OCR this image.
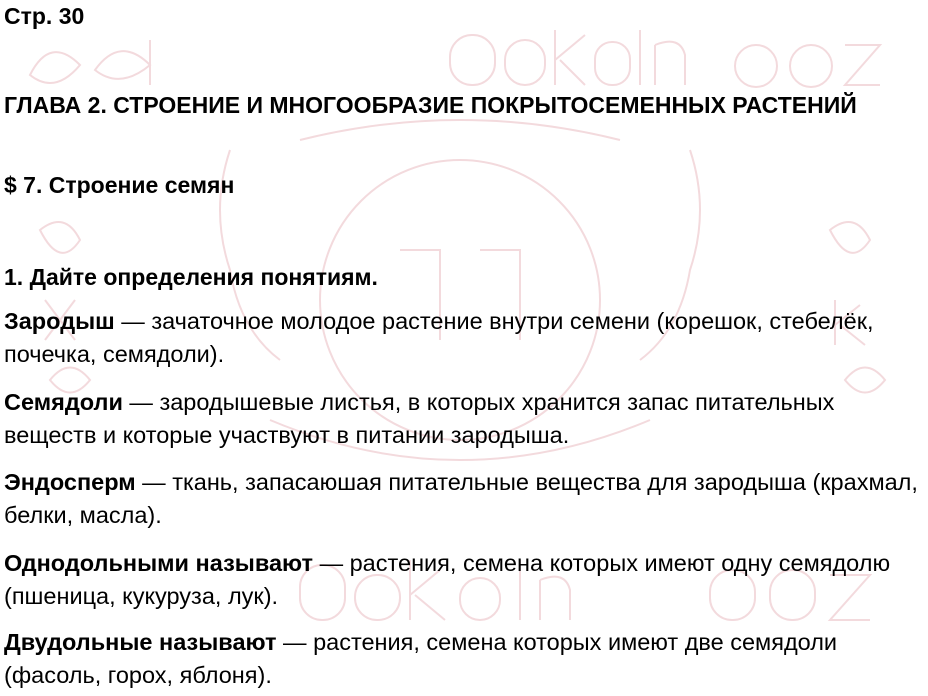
Стр. 30
ГЛАВА 2. СТРОЕНИЕ И МНОГООБРАЗИЕ ПОКРЫТОСЕМЕННЫХ РАСТЕНИЙ
$ 7. Строение семян
1. Дайте определения понятиям.
Зародыш — зачаточное молодое растение внутри семени (корешок, стебелёк, почечка, семядоли).
Семядоли — зародышевые листья, в которых хранится запас питательных веществ и которые участвуют в питании зародыша.
Эндосперм — ткань, запасаюшая питательные вещества для зародыша (крахмал, белки, масла).
Однодольными называют — растения, семена которых имеют одну семядолю (пшеница, кукуруза, лук).
Двудольные называют — растения, семена которых имеют две семядоли (фасоль, горох, яблоня).
